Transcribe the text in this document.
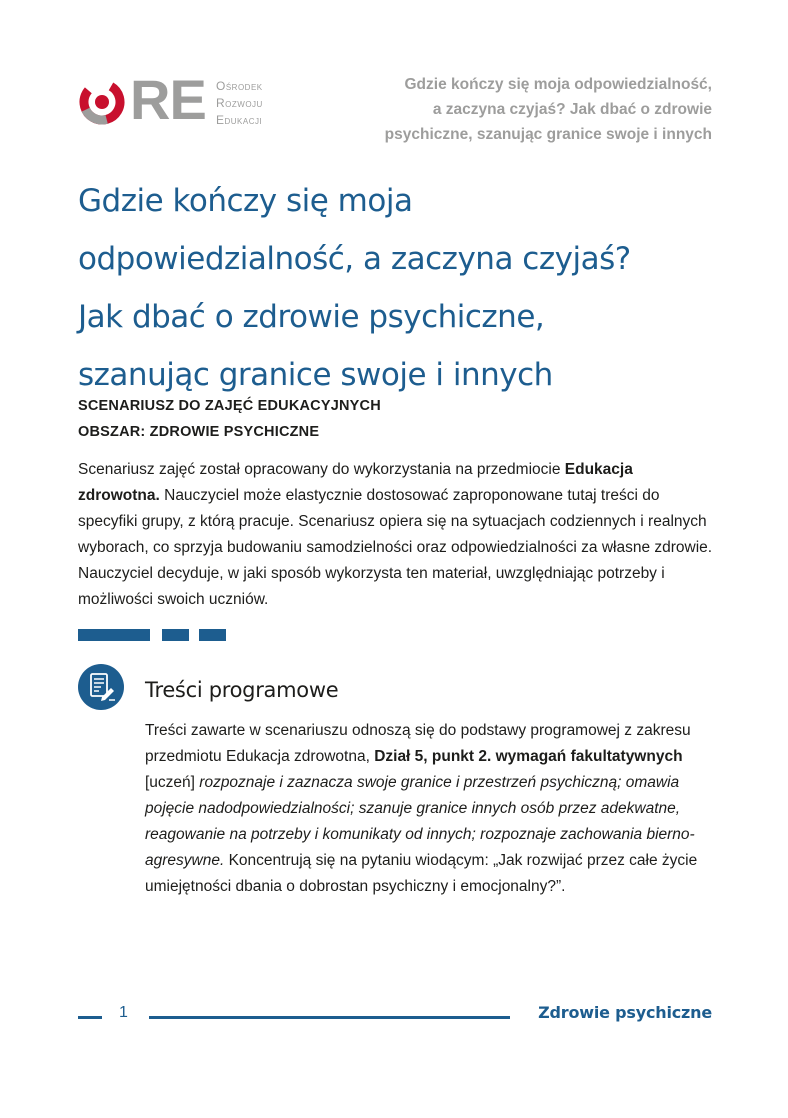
RE Ośrodek
Rozwoju
Edukacji
Gdzie kończy się moja odpowiedzialność,
a zaczyna czyjaś? Jak dbać o zdrowie
psychiczne, szanując granice swoje i innych
Gdzie kończy się moja
odpowiedzialność, a zaczyna czyjaś?
Jak dbać o zdrowie psychiczne,
szanując granice swoje i innych
SCENARIUSZ DO ZAJĘĆ EDUKACYJNYCH
OBSZAR: ZDROWIE PSYCHICZNE

Scenariusz zajęć został opracowany do wykorzystania na przedmiocie Edukacja zdrowotna. Nauczyciel może elastycznie dostosować zaproponowane tutaj treści do specyfiki grupy, z którą pracuje. Scenariusz opiera się na sytuacjach codziennych i realnych wyborach, co sprzyja budowaniu samodzielności oraz odpowiedzialności za własne zdrowie. Nauczyciel decyduje, w jaki sposób wykorzysta ten materiał, uwzględniając potrzeby i możliwości swoich uczniów.

Treści programowe

Treści zawarte w scenariuszu odnoszą się do podstawy programowej z zakresu przedmiotu Edukacja zdrowotna, Dział 5, punkt 2. wymagań fakultatywnych [uczeń] rozpoznaje i zaznacza swoje granice i przestrzeń psychiczną; omawia pojęcie nadodpowiedzialności; szanuje granice innych osób przez adekwatne, reagowanie na potrzeby i komunikaty od innych; rozpoznaje zachowania bierno-agresywne. Koncentrują się na pytaniu wiodącym: „Jak rozwijać przez całe życie umiejętności dbania o dobrostan psychiczny i emocjonalny?”.

1	Zdrowie psychiczne
